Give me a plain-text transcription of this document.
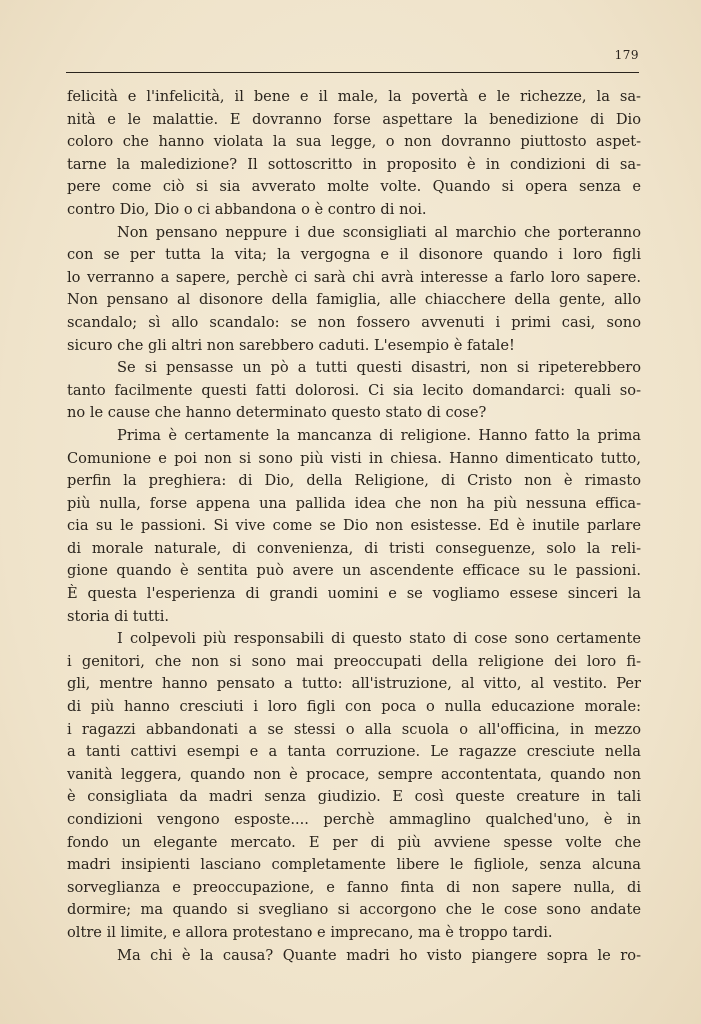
179
felicità e l'infelicità, il bene e il male, la povertà e le richezze, la sa-
nità e le malattie. E dovranno forse aspettare la benedizione di Dio
coloro che hanno violata la sua legge, o non dovranno piuttosto aspet-
tarne la maledizione? Il sottoscritto in proposito è in condizioni di sa-
pere come ciò si sia avverato molte volte. Quando si opera senza e
contro Dio, Dio o ci abbandona o è contro di noi.
Non pensano neppure i due sconsigliati al marchio che porteranno
con se per tutta la vita; la vergogna e il disonore quando i loro figli
lo verranno a sapere, perchè ci sarà chi avrà interesse a farlo loro sapere.
Non pensano al disonore della famiglia, alle chiacchere della gente, allo
scandalo; sì allo scandalo: se non fossero avvenuti i primi casi, sono
sicuro che gli altri non sarebbero caduti. L'esempio è fatale!
Se si pensasse un pò a tutti questi disastri, non si ripeterebbero
tanto facilmente questi fatti dolorosi. Ci sia lecito domandarci: quali so-
no le cause che hanno determinato questo stato di cose?
Prima è certamente la mancanza di religione. Hanno fatto la prima
Comunione e poi non si sono più visti in chiesa. Hanno dimenticato tutto,
perfin la preghiera: di Dio, della Religione, di Cristo non è rimasto
più nulla, forse appena una pallida idea che non ha più nessuna effica-
cia su le passioni. Si vive come se Dio non esistesse. Ed è inutile parlare
di morale naturale, di convenienza, di tristi conseguenze, solo la reli-
gione quando è sentita può avere un ascendente efficace su le passioni.
È questa l'esperienza di grandi uomini e se vogliamo essese sinceri la
storia di tutti.
I colpevoli più responsabili di questo stato di cose sono certamente
i genitori, che non si sono mai preoccupati della religione dei loro fi-
gli, mentre hanno pensato a tutto: all'istruzione, al vitto, al vestito. Per
di più hanno cresciuti i loro figli con poca o nulla educazione morale:
i ragazzi abbandonati a se stessi o alla scuola o all'officina, in mezzo
a tanti cattivi esempi e a tanta corruzione. Le ragazze cresciute nella
vanità leggera, quando non è procace, sempre accontentata, quando non
è consigliata da madri senza giudizio. E così queste creature in tali
condizioni vengono esposte.... perchè ammaglino qualched'uno, è in
fondo un elegante mercato. E per di più avviene spesse volte che
madri insipienti lasciano completamente libere le figliole, senza alcuna
sorveglianza e preoccupazione, e fanno finta di non sapere nulla, di
dormire; ma quando si svegliano si accorgono che le cose sono andate
oltre il limite, e allora protestano e imprecano, ma è troppo tardi.
Ma chi è la causa? Quante madri ho visto piangere sopra le ro-
